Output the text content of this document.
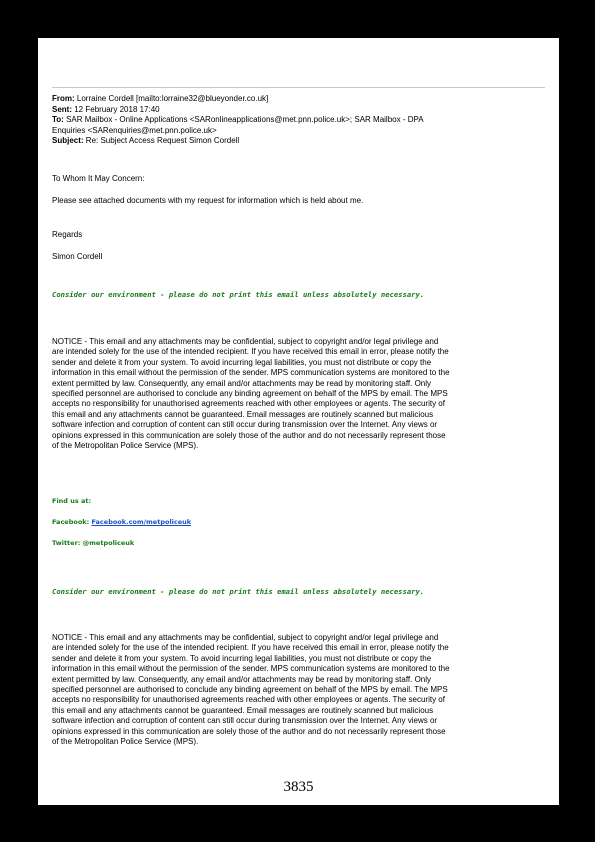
From: Lorraine Cordell [mailto:lorraine32@blueyonder.co.uk]
Sent: 12 February 2018 17:40
To: SAR Mailbox - Online Applications <SARonlineapplications@met.pnn.police.uk>; SAR Mailbox - DPA
Enquiries <SARenquiries@met.pnn.police.uk>
Subject: Re: Subject Access Request Simon Cordell
To Whom It May Concern:
Please see attached documents with my request for information which is held about me.
Regards
Simon Cordell
Consider our environment - please do not print this email unless absolutely necessary.
NOTICE - This email and any attachments may be confidential, subject to copyright and/or legal privilege and
are intended solely for the use of the intended recipient. If you have received this email in error, please notify the
sender and delete it from your system. To avoid incurring legal liabilities, you must not distribute or copy the
information in this email without the permission of the sender. MPS communication systems are monitored to the
extent permitted by law. Consequently, any email and/or attachments may be read by monitoring staff. Only
specified personnel are authorised to conclude any binding agreement on behalf of the MPS by email. The MPS
accepts no responsibility for unauthorised agreements reached with other employees or agents. The security of
this email and any attachments cannot be guaranteed. Email messages are routinely scanned but malicious
software infection and corruption of content can still occur during transmission over the Internet. Any views or
opinions expressed in this communication are solely those of the author and do not necessarily represent those
of the Metropolitan Police Service (MPS).
Find us at:
Facebook: Facebook.com/metpoliceuk
Twitter: @metpoliceuk
Consider our environment - please do not print this email unless absolutely necessary.
NOTICE - This email and any attachments may be confidential, subject to copyright and/or legal privilege and
are intended solely for the use of the intended recipient. If you have received this email in error, please notify the
sender and delete it from your system. To avoid incurring legal liabilities, you must not distribute or copy the
information in this email without the permission of the sender. MPS communication systems are monitored to the
extent permitted by law. Consequently, any email and/or attachments may be read by monitoring staff. Only
specified personnel are authorised to conclude any binding agreement on behalf of the MPS by email. The MPS
accepts no responsibility for unauthorised agreements reached with other employees or agents. The security of
this email and any attachments cannot be guaranteed. Email messages are routinely scanned but malicious
software infection and corruption of content can still occur during transmission over the Internet. Any views or
opinions expressed in this communication are solely those of the author and do not necessarily represent those
of the Metropolitan Police Service (MPS).
3835
